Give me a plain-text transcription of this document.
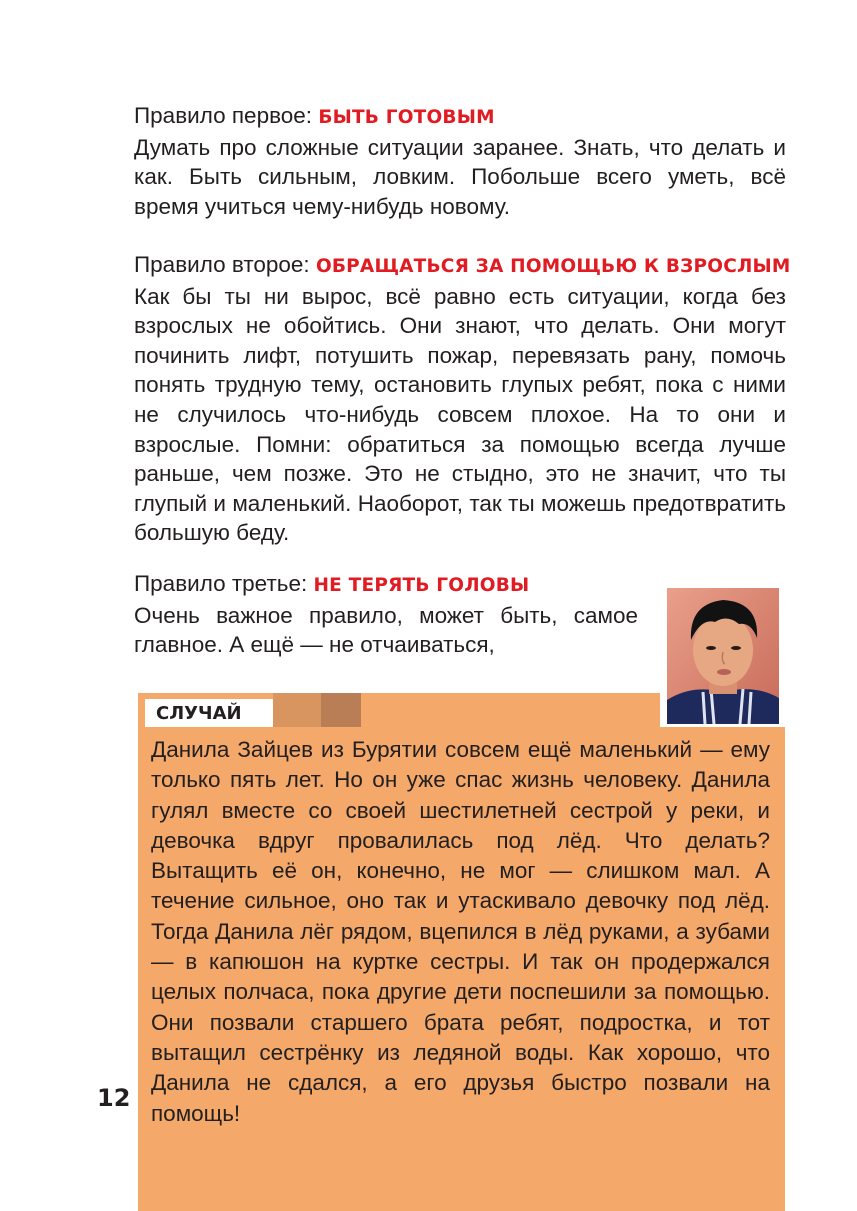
Правило первое: БЫТЬ ГОТОВЫМ
Думать про сложные ситуации заранее. Знать, что делать и как. Быть сильным, ловким. Побольше всего уметь, всё время учиться чему-нибудь новому.
Правило второе: ОБРАЩАТЬСЯ ЗА ПОМОЩЬЮ К ВЗРОСЛЫМ
Как бы ты ни вырос, всё равно есть ситуации, когда без взрослых не обойтись. Они знают, что делать. Они могут починить лифт, потушить пожар, перевязать рану, помочь понять трудную тему, остановить глупых ребят, пока с ними не случилось что-нибудь совсем плохое. На то они и взрослые. Помни: обратиться за помощью всегда лучше раньше, чем позже. Это не стыдно, это не значит, что ты глупый и маленький. Наоборот, так ты можешь предотвратить большую беду.
Правило третье: НЕ ТЕРЯТЬ ГОЛОВЫ
Очень важное правило, может быть, самое главное. А ещё — не отчаиваться,
СЛУЧАЙ
Данила Зайцев из Бурятии совсем ещё маленький — ему только пять лет. Но он уже спас жизнь человеку. Данила гулял вместе со своей шестилетней сестрой у реки, и девочка вдруг провалилась под лёд. Что делать? Вытащить её он, конечно, не мог — слишком мал. А течение сильное, оно так и утаскивало девочку под лёд. Тогда Данила лёг рядом, вцепился в лёд руками, а зубами — в капюшон на куртке сестры. И так он продержался целых полчаса, пока другие дети поспешили за помощью. Они позвали старшего брата ребят, подростка, и тот вытащил сестрёнку из ледяной воды. Как хорошо, что Данила не сдался, а его друзья быстро позвали на помощь!
12
